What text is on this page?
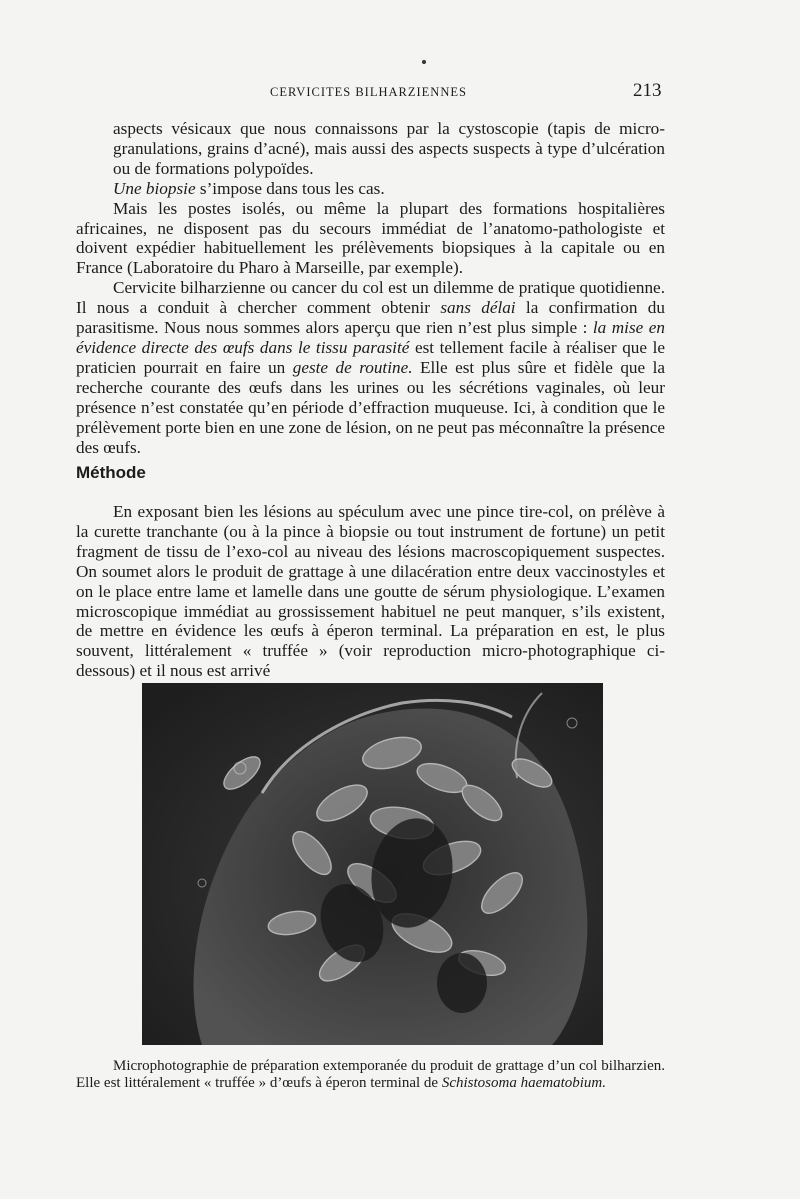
CERVICITES BILHARZIENNES	213

aspects vésicaux que nous connaissons par la cystoscopie (tapis de micro-granulations, grains d’acné), mais aussi des aspects suspects à type d’ulcération ou de formations polypoïdes.

Une biopsie s’impose dans tous les cas.

Mais les postes isolés, ou même la plupart des formations hospitalières africaines, ne disposent pas du secours immédiat de l’anatomo-pathologiste et doivent expédier habituellement les prélèvements biopsiques à la capitale ou en France (Laboratoire du Pharo à Marseille, par exemple).

Cervicite bilharzienne ou cancer du col est un dilemme de pratique quotidienne. Il nous a conduit à chercher comment obtenir sans délai la confirmation du parasitisme. Nous nous sommes alors aperçu que rien n’est plus simple : la mise en évidence directe des œufs dans le tissu parasité est tellement facile à réaliser que le praticien pourrait en faire un geste de routine. Elle est plus sûre et fidèle que la recherche courante des œufs dans les urines ou les sécrétions vaginales, où leur présence n’est constatée qu’en période d’effraction muqueuse. Ici, à condition que le prélèvement porte bien en une zone de lésion, on ne peut pas méconnaître la présence des œufs.

Méthode

En exposant bien les lésions au spéculum avec une pince tire-col, on prélève à la curette tranchante (ou à la pince à biopsie ou tout instrument de fortune) un petit fragment de tissu de l’exo-col au niveau des lésions macroscopiquement suspectes. On soumet alors le produit de grattage à une dilacération entre deux vaccinostyles et on le place entre lame et lamelle dans une goutte de sérum physiologique. L’examen microscopique immédiat au grossissement habituel ne peut manquer, s’ils existent, de mettre en évidence les œufs à éperon terminal. La préparation en est, le plus souvent, littéralement « truffée » (voir reproduction micro-photographique ci-dessous) et il nous est arrivé

Microphotographie de préparation extemporanée du produit de grattage d’un col bilharzien. Elle est littéralement « truffée » d’œufs à éperon terminal de Schistosoma haematobium.
